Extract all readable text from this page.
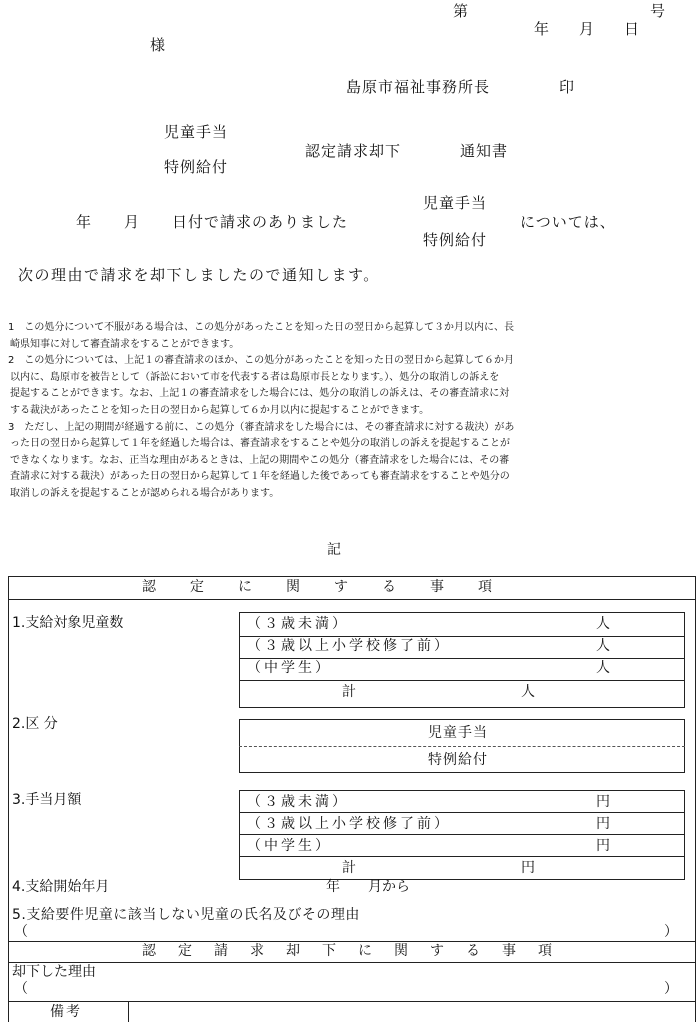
第	号
年　　月　　日
様
島原市福祉事務所長	印
児童手当
特例給付
認定請求却下	通知書
年　　月　　日付で請求のありました
児童手当
特例給付
については、
次の理由で請求を却下しましたので通知します。
1　この処分について不服がある場合は、この処分があったことを知った日の翌日から起算して３か月以内に、長
崎県知事に対して審査請求をすることができます。
2　この処分については、上記１の審査請求のほか、この処分があったことを知った日の翌日から起算して６か月
以内に、島原市を被告として（訴訟において市を代表する者は島原市長となります。）、処分の取消しの訴えを
提起することができます。なお、上記１の審査請求をした場合には、処分の取消しの訴えは、その審査請求に対
する裁決があったことを知った日の翌日から起算して６か月以内に提起することができます。
3　ただし、上記の期間が経過する前に、この処分（審査請求をした場合には、その審査請求に対する裁決）があ
った日の翌日から起算して１年を経過した場合は、審査請求をすることや処分の取消しの訴えを提起することが
できなくなります。なお、正当な理由があるときは、上記の期間やこの処分（審査請求をした場合には、その審
査請求に対する裁決）があった日の翌日から起算して１年を経過した後であっても審査請求をすることや処分の
取消しの訴えを提起することが認められる場合があります。
記
認定に関する事項
1.支給対象児童数	（３歳未満）	人
（３歳以上小学校修了前）	人
（中学生）	人
計	人
2.区 分
児童手当
特例給付
3.手当月額	（３歳未満）	円
（３歳以上小学校修了前）	円
（中学生）	円
計	円
4.支給開始年月	年　　月から
5.支給要件児童に該当しない児童の氏名及びその理由
（	）
認定請求却下に関する事項
却下した理由
（	）
備考
